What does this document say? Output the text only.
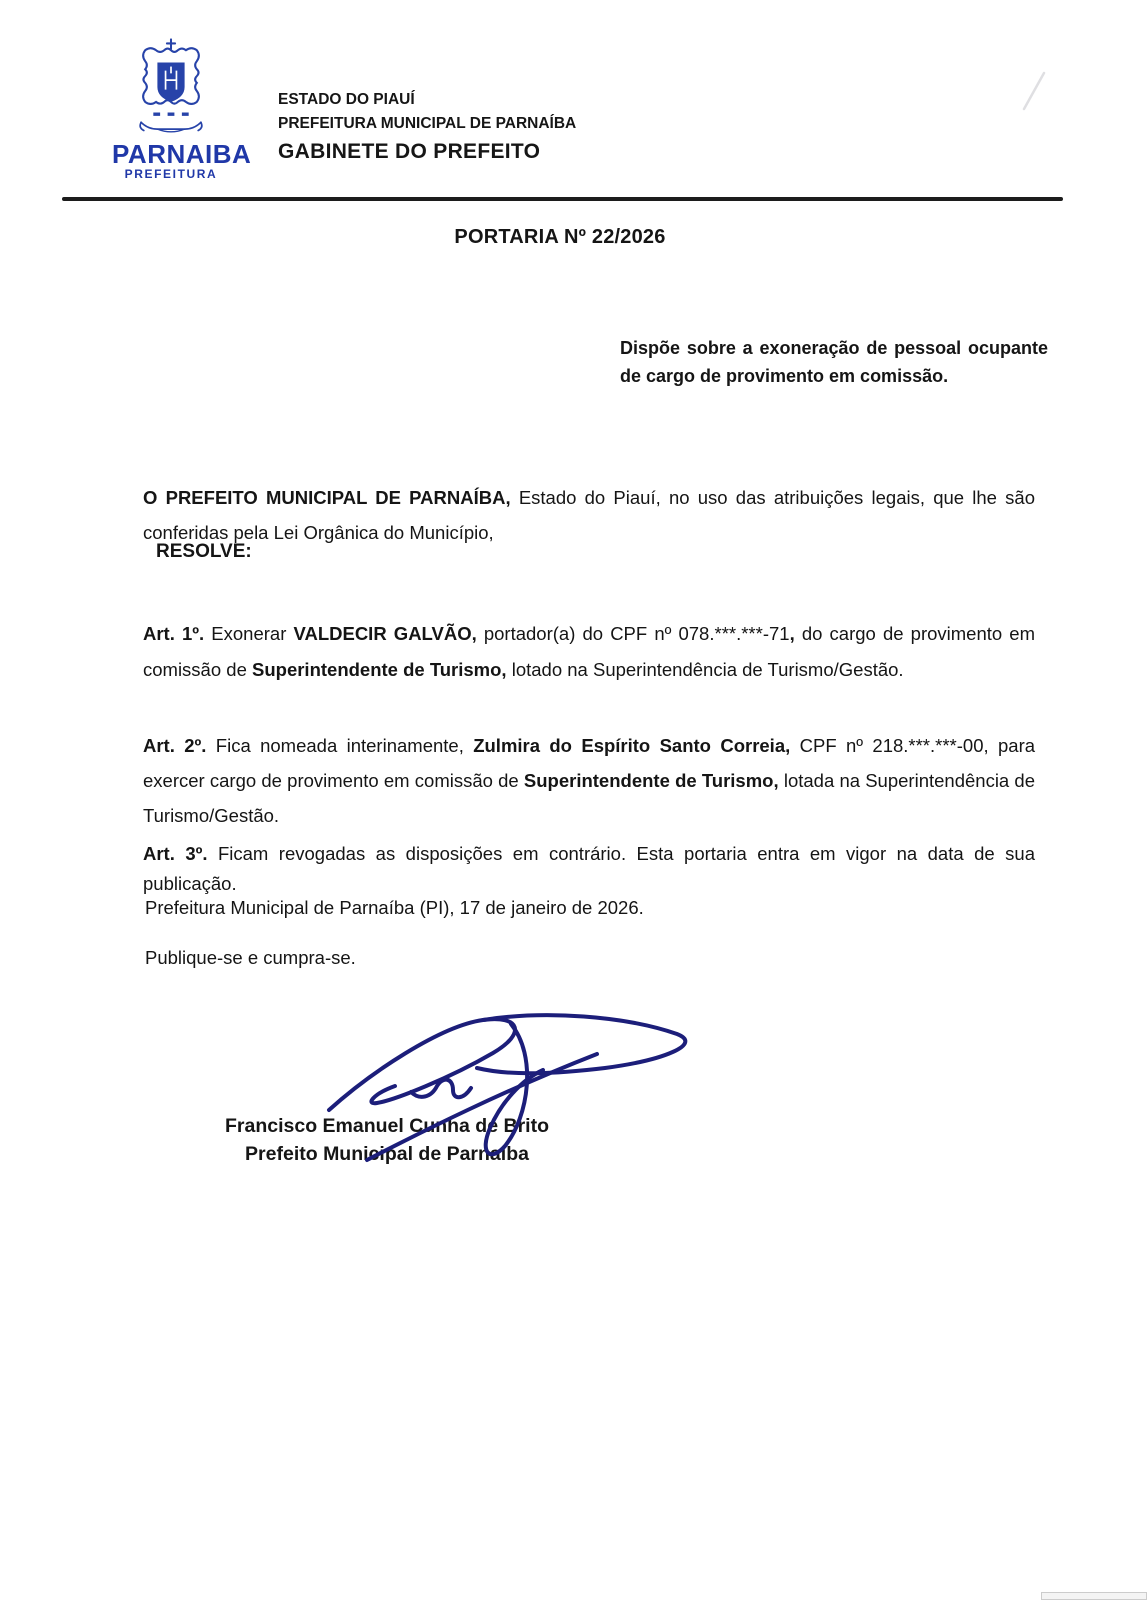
PARNAIBA
PREFEITURA
ESTADO DO PIAUÍ
PREFEITURA MUNICIPAL DE PARNAÍBA
GABINETE DO PREFEITO
PORTARIA Nº 22/2026
Dispõe sobre a exoneração de pessoal ocupante de cargo de provimento em comissão.

O PREFEITO MUNICIPAL DE PARNAÍBA, Estado do Piauí, no uso das atribuições legais, que lhe são conferidas pela Lei Orgânica do Município,

RESOLVE:

Art. 1º. Exonerar VALDECIR GALVÃO, portador(a) do CPF nº 078.***.***-71, do cargo de provimento em comissão de Superintendente de Turismo, lotado na Superintendência de Turismo/Gestão.

Art. 2º. Fica nomeada interinamente, Zulmira do Espírito Santo Correia, CPF nº 218.***.***-00, para exercer cargo de provimento em comissão de Superintendente de Turismo, lotada na Superintendência de Turismo/Gestão.

Art. 3º. Ficam revogadas as disposições em contrário. Esta portaria entra em vigor na data de sua publicação.

Prefeitura Municipal de Parnaíba (PI), 17 de janeiro de 2026.
Publique-se e cumpra-se.
Francisco Emanuel Cunha de Brito
Prefeito Municipal de Parnaíba
